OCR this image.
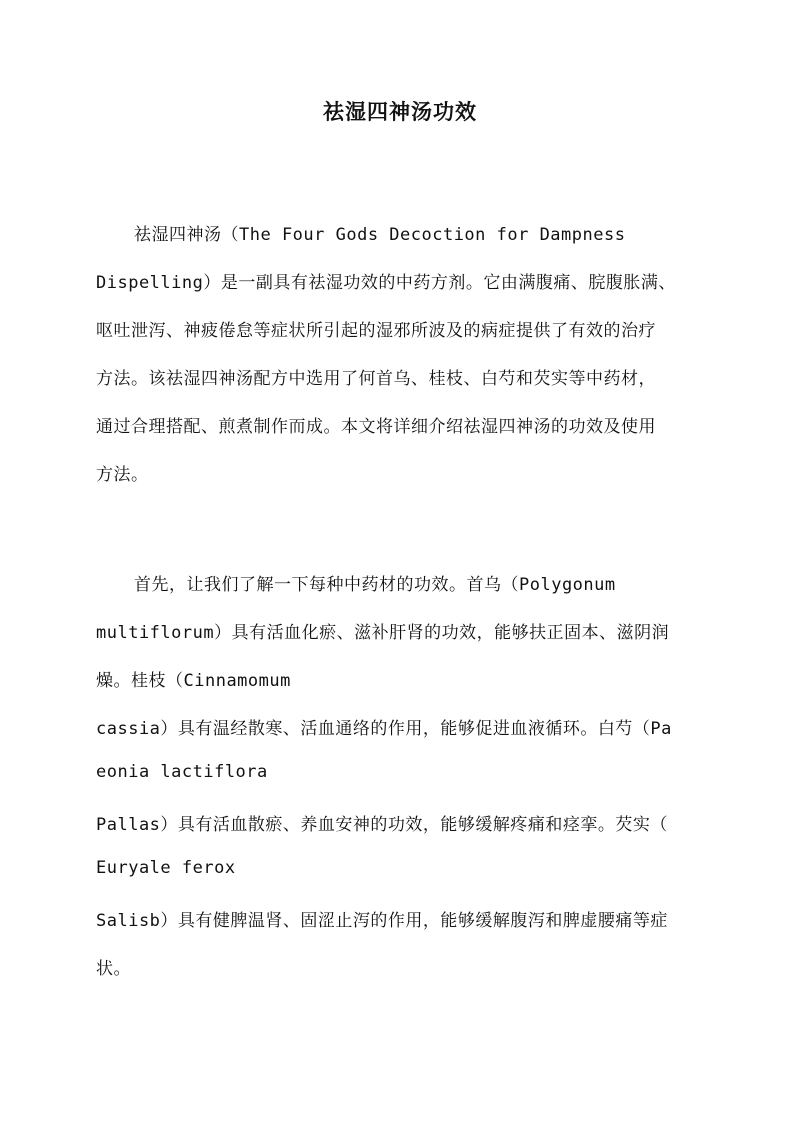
祛湿四神汤功效
祛湿四神汤（The Four Gods Decoction for Dampness
Dispelling）是一副具有祛湿功效的中药方剂。它由满腹痛、脘腹胀满、
呕吐泄泻、神疲倦怠等症状所引起的湿邪所波及的病症提供了有效的治疗
方法。该祛湿四神汤配方中选用了何首乌、桂枝、白芍和芡实等中药材，
通过合理搭配、煎煮制作而成。本文将详细介绍祛湿四神汤的功效及使用
方法。
首先，让我们了解一下每种中药材的功效。首乌（Polygonum
multiflorum）具有活血化瘀、滋补肝肾的功效，能够扶正固本、滋阴润
燥。桂枝（Cinnamomum
cassia）具有温经散寒、活血通络的作用，能够促进血液循环。白芍（Pa
eonia lactiflora
Pallas）具有活血散瘀、养血安神的功效，能够缓解疼痛和痉挛。芡实（
Euryale ferox
Salisb）具有健脾温肾、固涩止泻的作用，能够缓解腹泻和脾虚腰痛等症
状。
